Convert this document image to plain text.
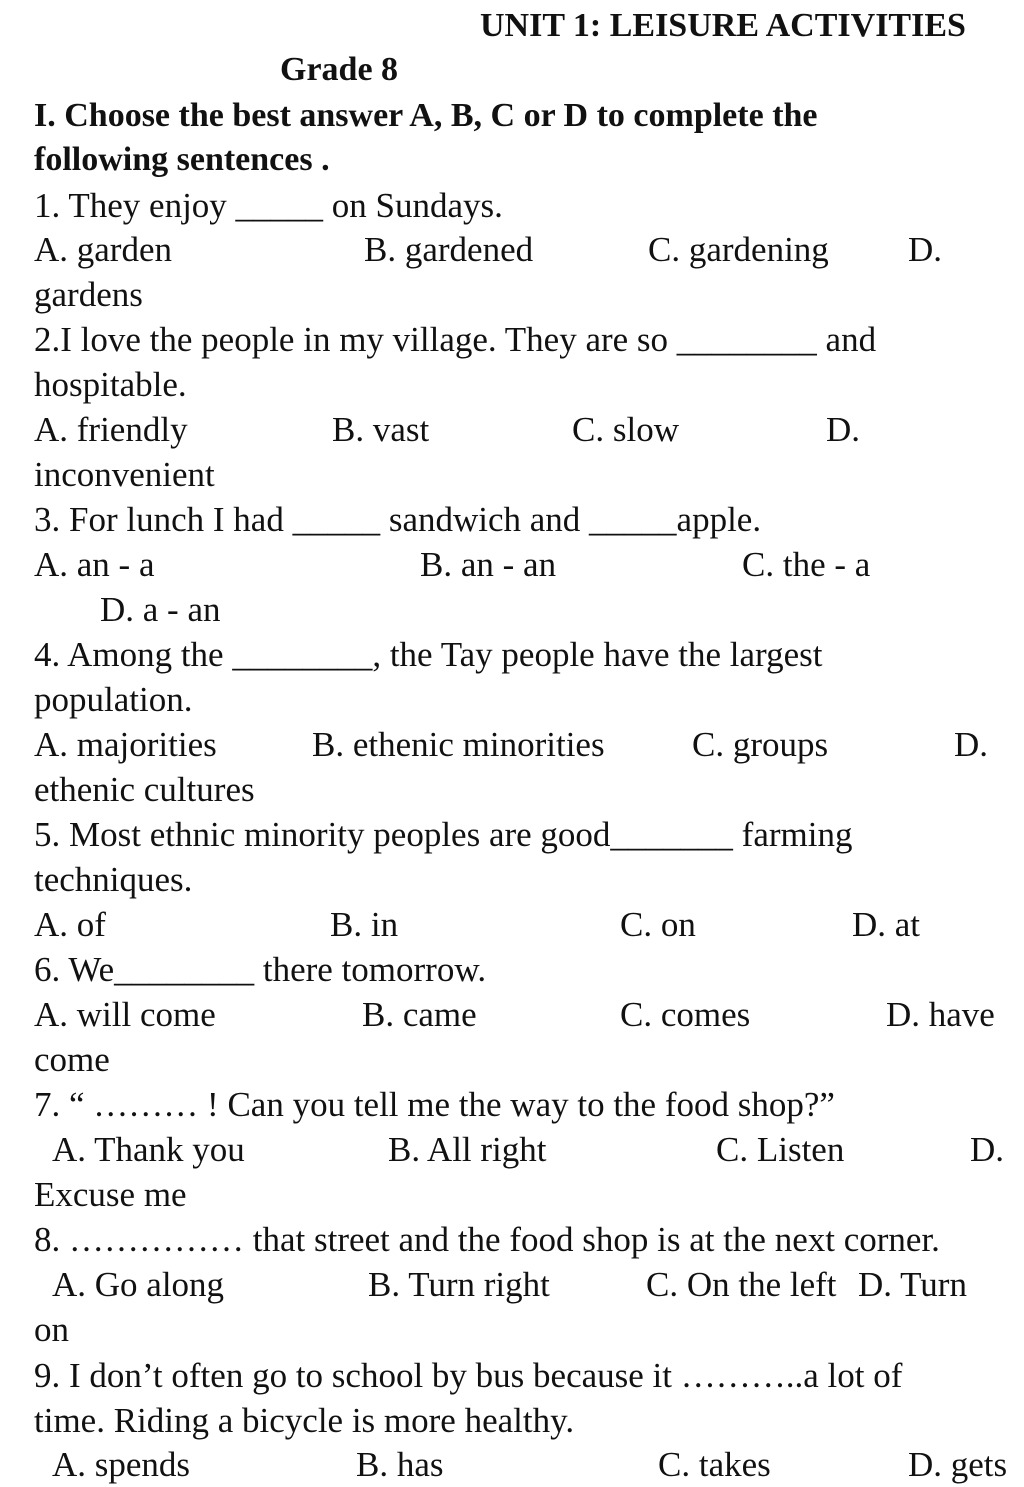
UNIT 1: LEISURE ACTIVITIES
Grade 8
I. Choose the best answer A, B, C or D to complete the
following sentences .
1. They enjoy _____ on Sundays.
A. garden	B. gardened	C. gardening D.
gardens
2.I love the people in my village. They are so ________ and
hospitable.
A. friendly	B. vast	C. slow	D.
inconvenient
3. For lunch I had _____ sandwich and _____apple.
A. an - a	B. an - an	C. the - a
D. a - an
4. Among the ________, the Tay people have the largest
population.
A. majorities	B. ethenic minorities C. groups	D.
ethenic cultures
5. Most ethnic minority peoples are good_______ farming
techniques.
A. of	B. in	C. on	D. at
6. We________ there tomorrow.
A. will come	B. came	C. comes	D. have
come
7. “ ……… ! Can you tell me the way to the food shop?”
A. Thank you	B. All right	C. Listen	D.
Excuse me
8. …………… that street and the food shop is at the next corner.
A. Go along	B. Turn right	C. On the left D. Turn
on
9. I don’t often go to school by bus because it ………..a lot of
time. Riding a bicycle is more healthy.
A. spends	B. has	C. takes	D. gets
